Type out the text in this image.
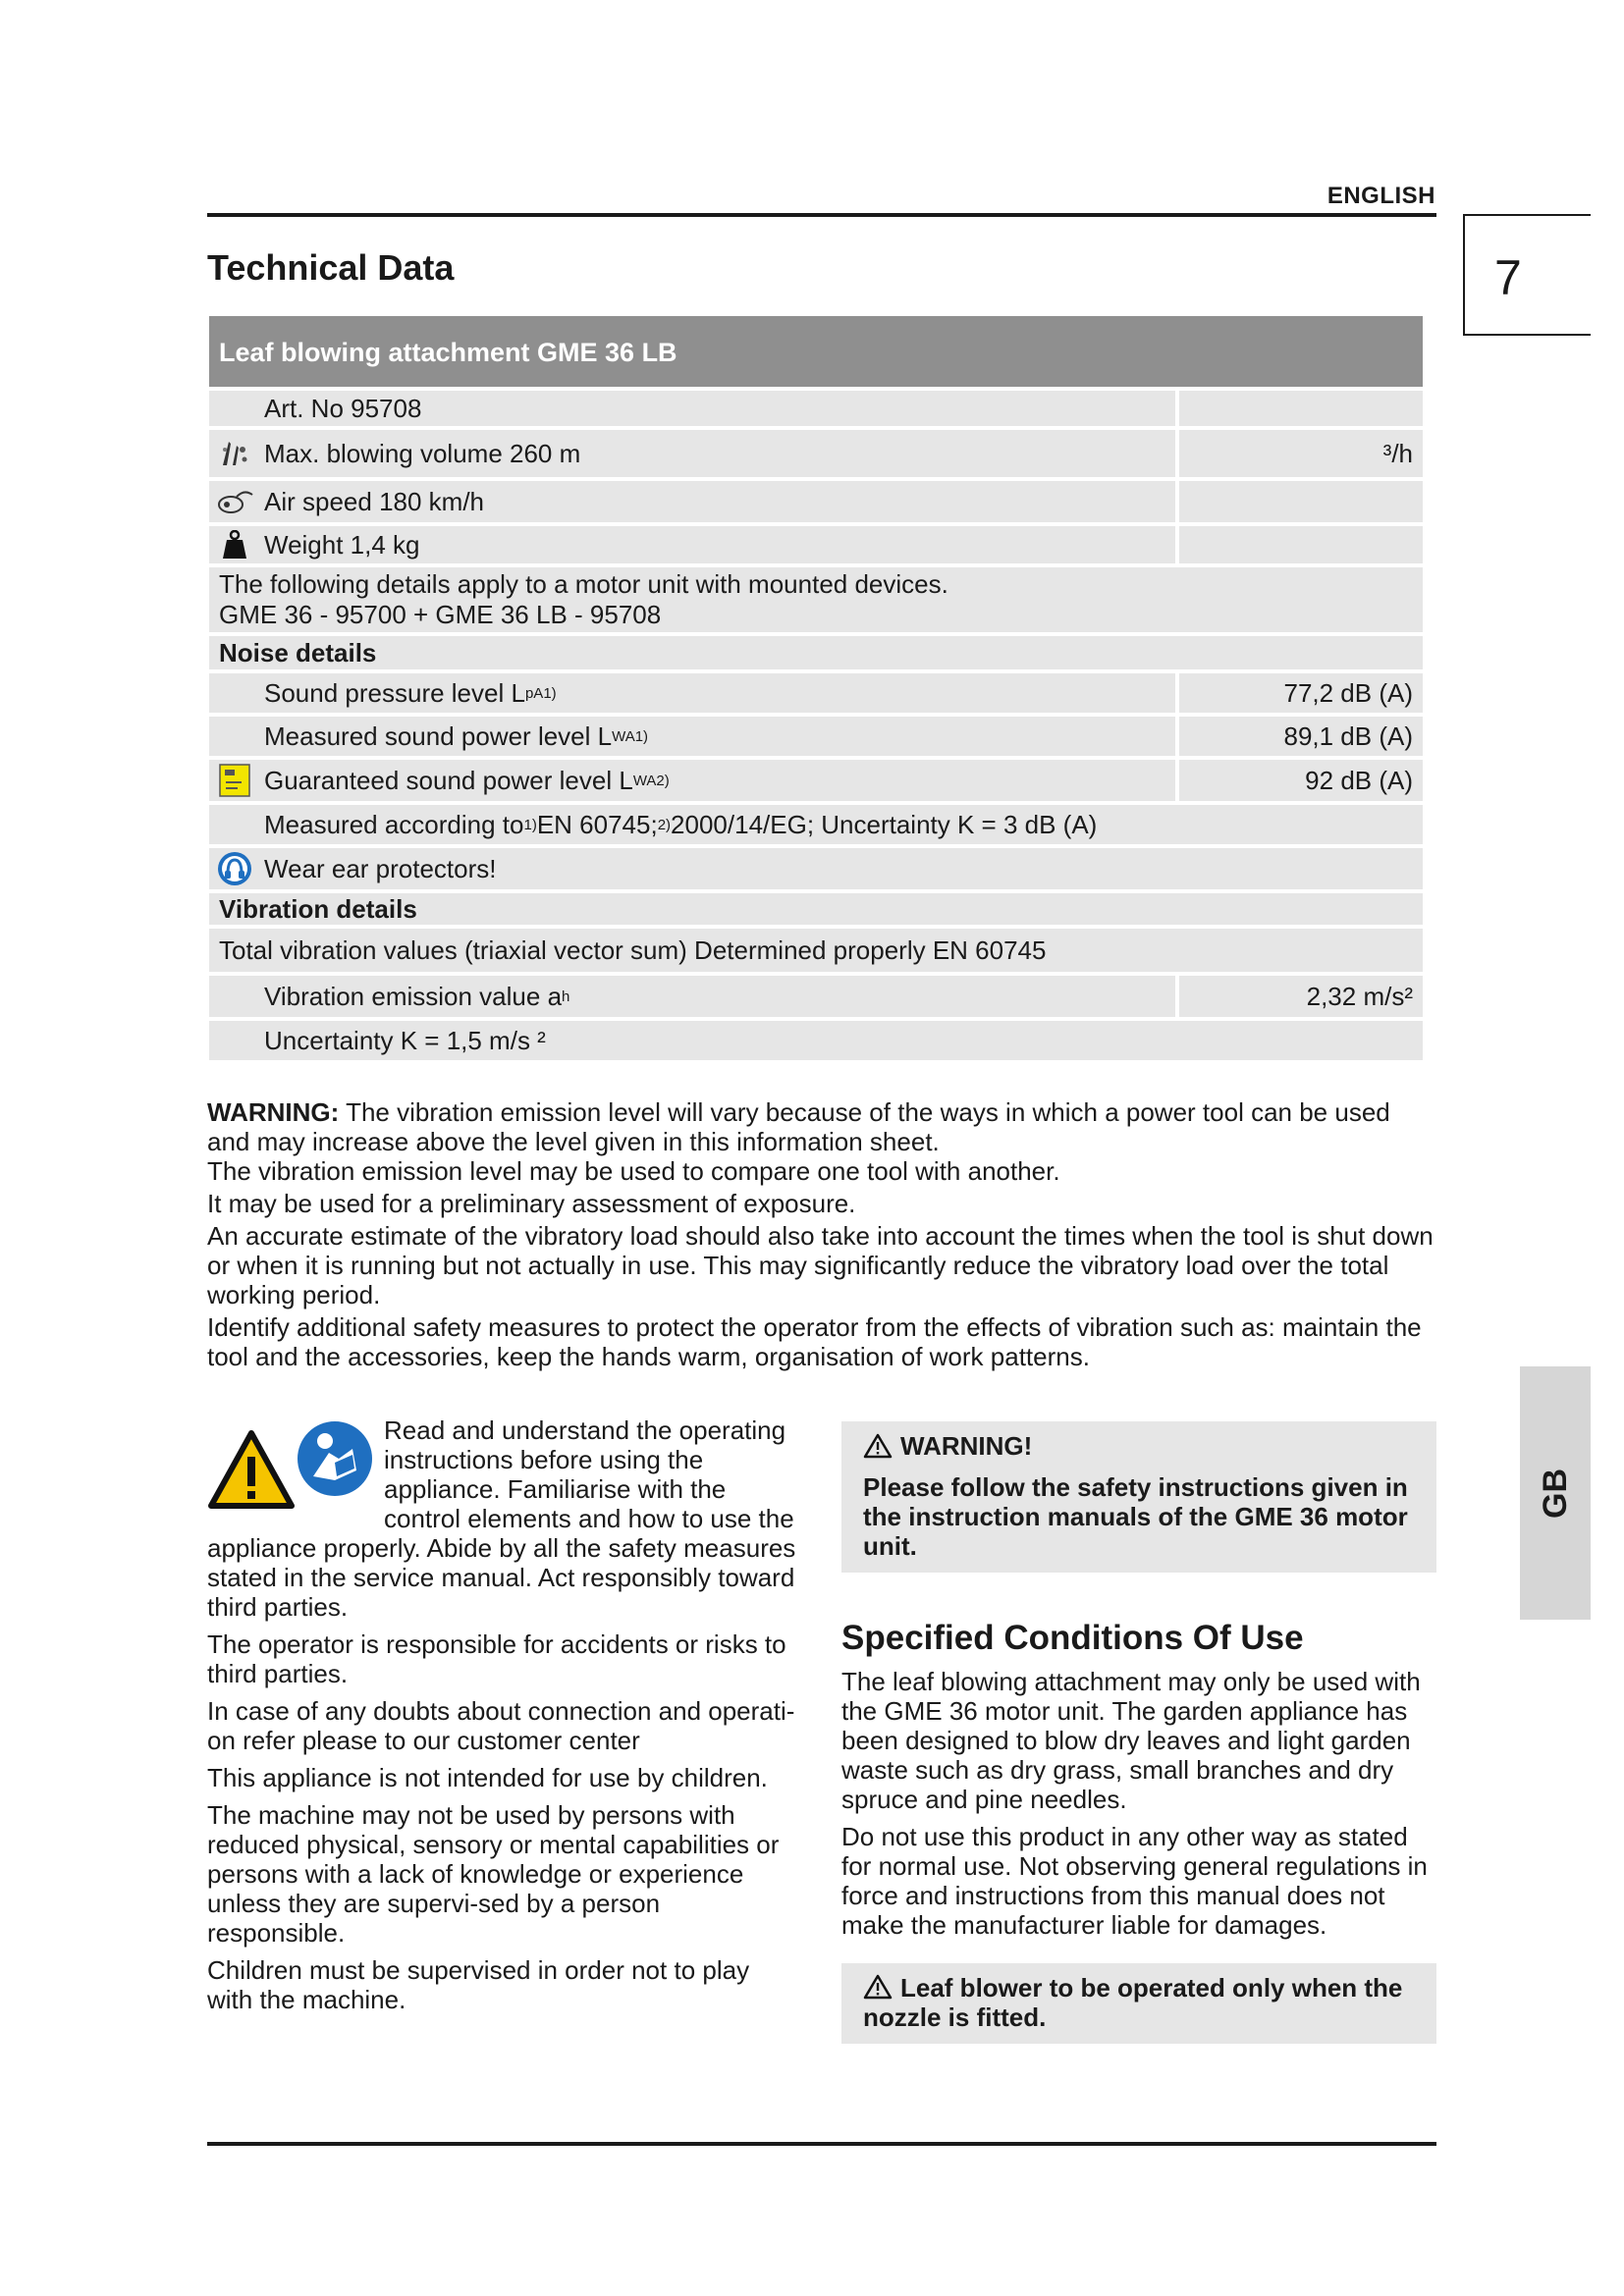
ENGLISH
7
Technical Data
Leaf blowing attachment GME 36 LB
Art. No 95708
Max. blowing volume 260 m	³/h
Air speed 180 km/h
Weight 1,4 kg
The following details apply to a motor unit with mounted devices.
GME 36 - 95700 + GME 36 LB - 95708
Noise details
Sound pressure level L pA 1)	77,2 dB (A)
Measured sound power level L WA 1)	89,1 dB (A)
Guaranteed sound power level L WA 2)	92 dB (A)
Measured according to 1) EN 60745; 2) 2000/14/EG; Uncertainty K = 3 dB (A)
Wear ear protectors!
Vibration details
Total vibration values (triaxial vector sum) Determined properly EN 60745
Vibration emission value a h	2,32 m/s²
Uncertainty K = 1,5 m/s ²

WARNING: The vibration emission level will vary because of the ways in which a power tool can be used and may increase above the level given in this information sheet.

The vibration emission level may be used to compare one tool with another.

It may be used for a preliminary assessment of exposure.

An accurate estimate of the vibratory load should also take into account the times when the tool is shut down or when it is running but not actually in use. This may significantly reduce the vibratory load over the total working period.

Identify additional safety measures to protect the operator from the effects of vibration such as: maintain the tool and the accessories, keep the hands warm, organisation of work patterns.

Read and understand the operating instructions before using the appliance. Familiarise with the control elements and how to use the appliance properly. Abide by all the safety measures stated in the service manual. Act responsibly toward third parties.

The operator is responsible for accidents or risks to third parties.

In case of any doubts about connection and operati-on refer please to our customer center

This appliance is not intended for use by children.

The machine may not be used by persons with reduced physical, sensory or mental capabilities or persons with a lack of knowledge or experience unless they are supervi-sed by a person responsible.

Children must be supervised in order not to play with the machine.

WARNING!
Please follow the safety instructions given in the instruction manuals of the GME 36 motor unit.
Specified Conditions Of Use

The leaf blowing attachment may only be used with the GME 36 motor unit. The garden appliance has been designed to blow dry leaves and light garden waste such as dry grass, small branches and dry spruce and pine needles.

Do not use this product in any other way as stated for normal use. Not observing general regulations in force and instructions from this manual does not make the manufacturer liable for damages.

Leaf blower to be operated only when the nozzle is fitted.
GB
